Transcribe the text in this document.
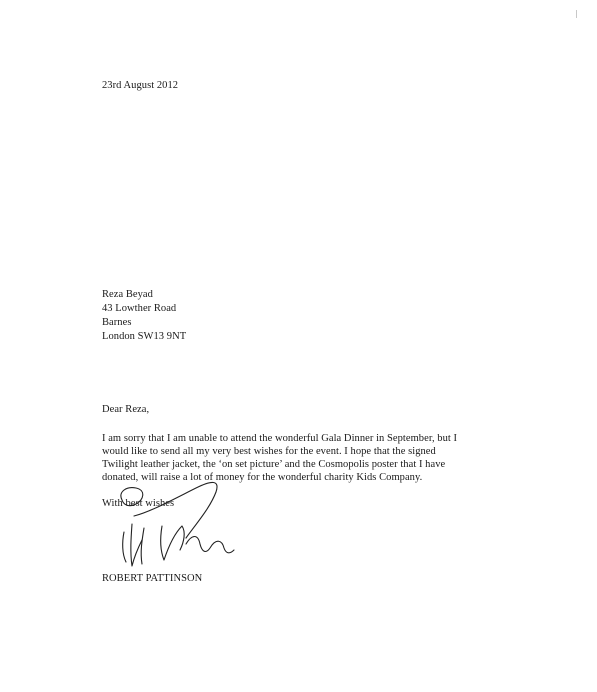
23rd August 2012
Reza Beyad
43 Lowther Road
Barnes
London SW13 9NT
Dear Reza,
I am sorry that I am unable to attend the wonderful Gala Dinner in September, but I
would like to send all my very best wishes for the event. I hope that the signed
Twilight leather jacket, the ‘on set picture’ and the Cosmopolis poster that I have
donated, will raise a lot of money for the wonderful charity Kids Company.
With best wishes
ROBERT PATTINSON
